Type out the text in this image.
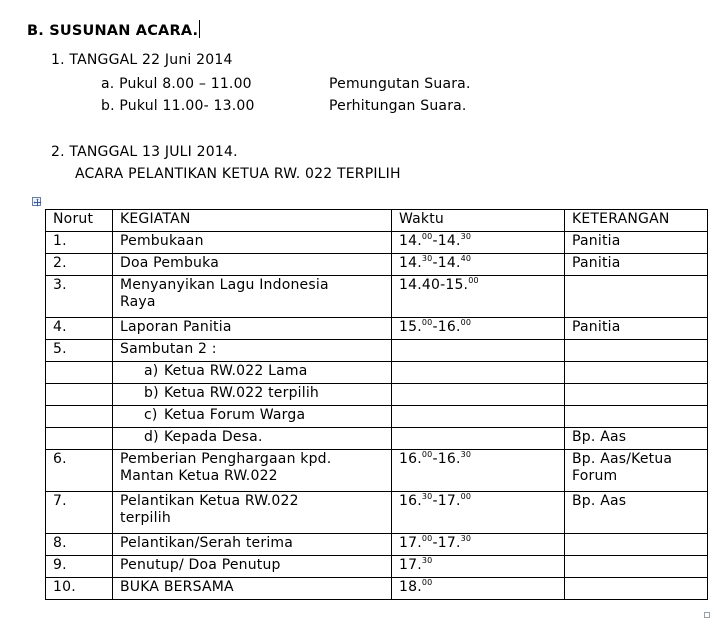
B. SUSUNAN ACARA.
1. TANGGAL 22 Juni 2014
a. Pukul 8.00 – 11.00	Pemungutan Suara.
b. Pukul 11.00- 13.00	Perhitungan Suara.
2. TANGGAL 13 JULI 2014.
ACARA PELANTIKAN KETUA RW. 022 TERPILIH
Norut	KEGIATAN	Waktu	KETERANGAN
1.	Pembukaan	14.00-14.30	Panitia
2.	Doa Pembuka	14.30-14.40	Panitia
3.	Menyanyikan Lagu Indonesia Raya	14.40-15.00	
4.	Laporan Panitia	15.00-16.00	Panitia
5.	Sambutan 2 :		
	a) Ketua RW.022 Lama		
	b) Ketua RW.022 terpilih		
	c) Ketua Forum Warga		
	d) Kepada Desa.		Bp. Aas
6.	Pemberian Penghargaan kpd. Mantan Ketua RW.022	16.00-16.30	Bp. Aas/Ketua Forum
7.	Pelantikan Ketua RW.022 terpilih	16.30-17.00	Bp. Aas
8.	Pelantikan/Serah terima	17.00-17.30	
9.	Penutup/ Doa Penutup	17.30	
10.	BUKA BERSAMA	18.00	
